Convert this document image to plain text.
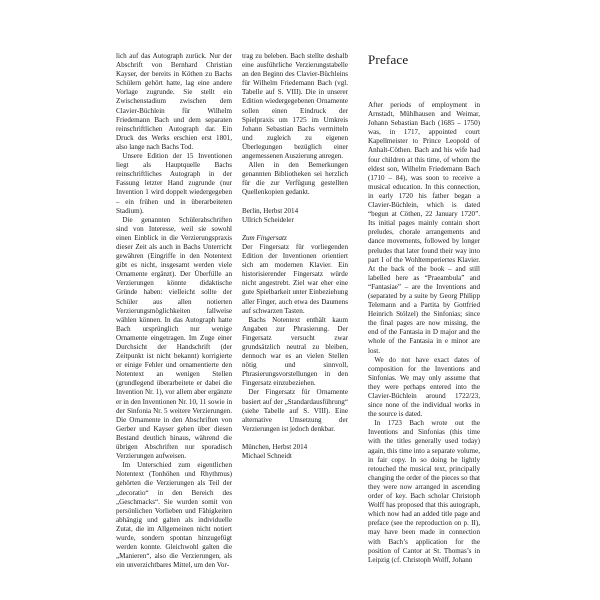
lich auf das Autograph zurück. Nur der Abschrift von Bernhard Christian Kayser, der bereits in Köthen zu Bachs Schülern gehört hatte, lag eine andere Vorlage zugrunde. Sie stellt ein Zwischenstadium zwischen dem Clavier-Büchlein für Wilhelm Friedemann Bach und dem separaten reinschriftlichen Autograph dar. Ein Druck des Werks erschien erst 1801, also lange nach Bachs Tod.

Unsere Edition der 15 Inventionen liegt als Hauptquelle Bachs reinschriftliches Autograph in der Fassung letzter Hand zugrunde (nur Invention 1 wird doppelt wiedergegeben – ein frühen und in überarbeiteten Stadium).

Die genannten Schülerabschriften sind von Interesse, weil sie sowohl einen Einblick in die Verzierungspraxis dieser Zeit als auch in Bachs Unterricht gewähren (Eingriffe in den Notentext gibt es nicht, insgesamt werden viele Ornamente ergänzt). Der Überfülle an Verzierungen könnte didaktische Gründe haben: vielleicht sollte der Schüler aus allen notierten Verzierungsmöglichkeiten fallweise wählen können. In das Autograph hatte Bach ursprünglich nur wenige Ornamente eingetragen. Im Zuge einer Durchsicht der Handschrift (der Zeitpunkt ist nicht bekannt) korrigierte er einige Fehler und ornamentierte den Notentext an wenigen Stellen (grundlegend überarbeitete er dabei die Invention Nr. 1), vor allem aber ergänzte er in den Inventionen Nr. 10, 11 sowie in der Sinfonia Nr. 5 weitere Verzierungen. Die Ornamente in den Abschriften von Gerber und Kayser gehen über diesen Bestand deutlich hinaus, während die übrigen Abschriften nur sporadisch Verzierungen aufweisen.

Im Unterschied zum eigentlichen Notentext (Tonhöhen und Rhythmus) gehörten die Verzierungen als Teil der „decoratio“ in den Bereich des „Geschmacks“. Sie wurden somit von persönlichen Vorlieben und Fähigkeiten abhängig und galten als individuelle Zutat, die im Allgemeinen nicht notiert wurde, sondern spontan hinzugefügt werden konnte. Gleichwohl galten die „Manieren“, also die Verzierungen, als ein unverzichtbares Mittel, um den Vor-

trag zu beleben. Bach stellte deshalb eine ausführliche Verzierungstabelle an den Beginn des Clavier-Büchleins für Wilhelm Friedemann Bach (vgl. Tabelle auf S. VIII). Die in unserer Edition wiedergegebenen Ornamente sollen einen Eindruck der Spielpraxis um 1725 im Umkreis Johann Sebastian Bachs vermitteln und zugleich zu eigenen Überlegungen bezüglich einer angemessenen Auszierung anregen.

Allen in den Bemerkungen genannten Bibliotheken sei herzlich für die zur Verfügung gestellten Quellenkopien gedankt.

Berlin, Herbst 2014

Ullrich Scheideler

Zum Fingersatz

Der Fingersatz für vorliegenden Edition der Inventionen orientiert sich am modernen Klavier. Ein historisierender Fingersatz würde nicht angestrebt. Ziel war eher eine gute Spielbarkeit unter Einbeziehung aller Finger, auch etwa des Daumens auf schwarzen Tasten.

Bachs Notentext enthält kaum Angaben zur Phrasierung. Der Fingersatz versucht zwar grundsätzlich neutral zu bleiben, dennoch war es an vielen Stellen nötig und sinnvoll, Phrasierungsvorstellungen in den Fingersatz einzubeziehen.

Der Fingersatz für Ornamente basiert auf der „Standardausführung“ (siehe Tabelle auf S. VIII). Eine alternative Umsetzung der Verzierungen ist jedoch denkbar.

München, Herbst 2014

Michael Schneidt

Preface

After periods of employment in Arnstadt, Mühlhausen and Weimar, Johann Sebastian Bach (1685 – 1750) was, in 1717, appointed court Kapellmeister to Prince Leopold of Anhalt-Cöthen. Bach and his wife had four children at this time, of whom the eldest son, Wilhelm Friedemann Bach (1710 – 84), was soon to receive a musical education. In this connection, in early 1720 his father began a Clavier-Büchlein, which is dated “begun at Cöthen, 22 January 1720”. Its initial pages mainly contain short preludes, chorale arrangements and dance movements, followed by longer preludes that later found their way into part I of the Wohltemperiertes Klavier. At the back of the book – and still labelled here as “Praeambula” and “Fantasiae” – are the Inventions and (separated by a suite by Georg Philipp Telemann and a Partita by Gottfried Heinrich Stölzel) the Sinfonias; since the final pages are now missing, the end of the Fantasia in D major and the whole of the Fantasia in e minor are lost.

We do not have exact dates of composition for the Inventions and Sinfonias. We may only assume that they were perhaps entered into the Clavier-Büchlein around 1722/23, since none of the individual works in the source is dated.

In 1723 Bach wrote out the Inventions and Sinfonias (this time with the titles generally used today) again, this time into a separate volume, in fair copy. In so doing he lightly retouched the musical text, principally changing the order of the pieces so that they were now arranged in ascending order of key. Bach scholar Christoph Wolff has proposed that this autograph, which now had an added title page and preface (see the reproduction on p. II), may have been made in connection with Bach’s application for the position of Cantor at St. Thomas’s in Leipzig (cf. Christoph Wolff, Johann
